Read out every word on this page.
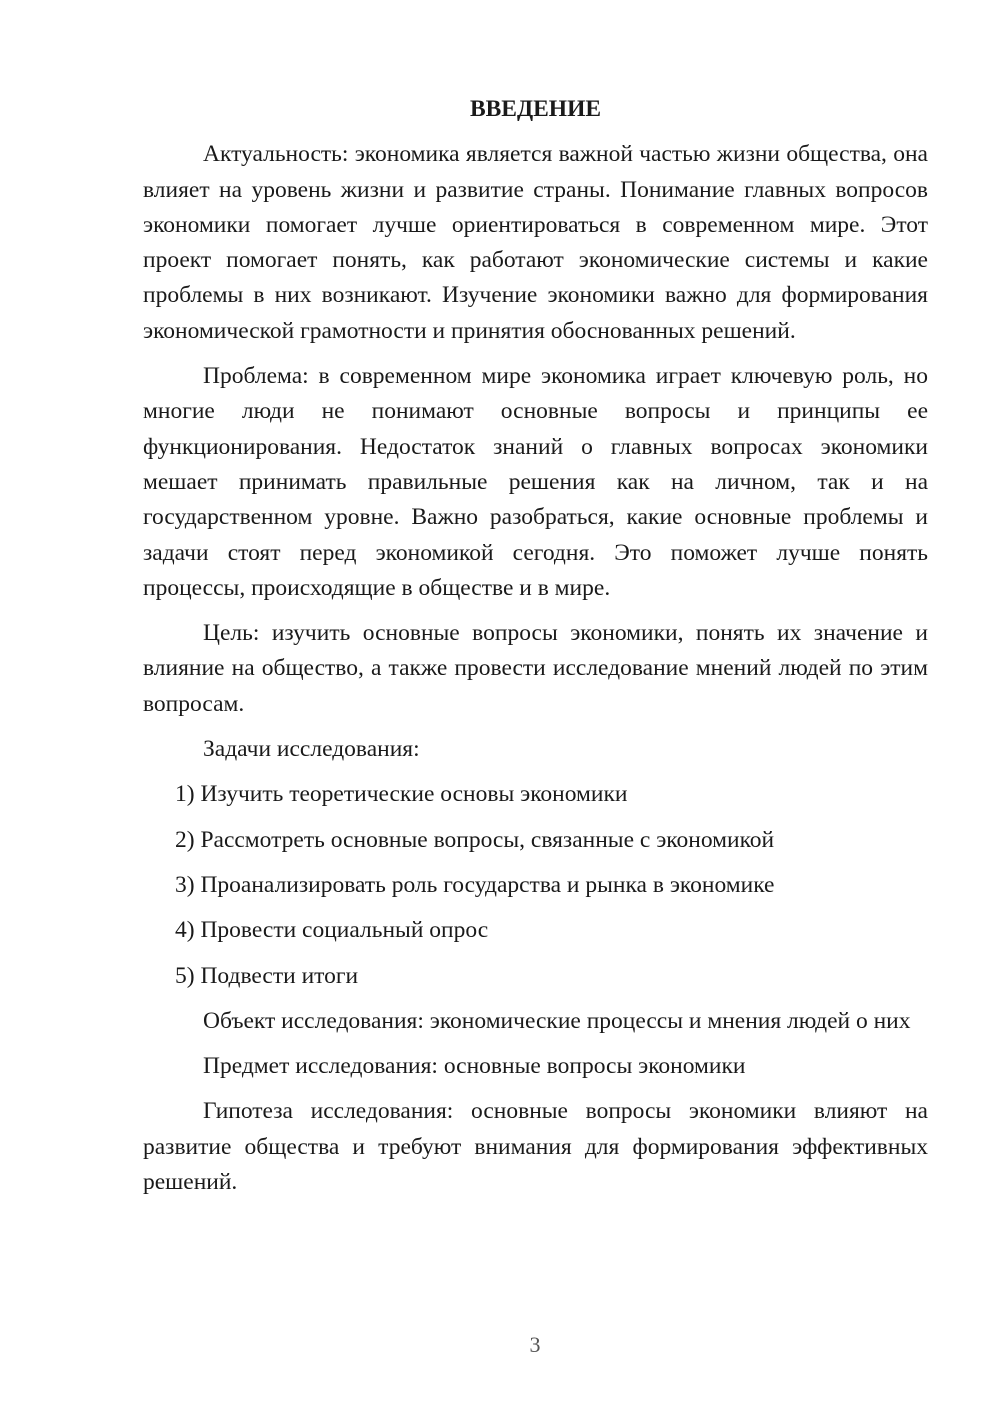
ВВЕДЕНИЕ

Актуальность: экономика является важной частью жизни общества, она влияет на уровень жизни и развитие страны. Понимание главных вопросов экономики помогает лучше ориентироваться в современном мире. Этот проект помогает понять, как работают экономические системы и какие проблемы в них возникают. Изучение экономики важно для формирования экономической грамотности и принятия обоснованных решений.

Проблема: в современном мире экономика играет ключевую роль, но многие люди не понимают основные вопросы и принципы ее функционирования. Недостаток знаний о главных вопросах экономики мешает принимать правильные решения как на личном, так и на государственном уровне. Важно разобраться, какие основные проблемы и задачи стоят перед экономикой сегодня. Это поможет лучше понять процессы, происходящие в обществе и в мире.

Цель: изучить основные вопросы экономики, понять их значение и влияние на общество, а также провести исследование мнений людей по этим вопросам.

Задачи исследования:

1) Изучить теоретические основы экономики
2) Рассмотреть основные вопросы, связанные с экономикой
3) Проанализировать роль государства и рынка в экономике
4) Провести социальный опрос
5) Подвести итоги

Объект исследования: экономические процессы и мнения людей о них

Предмет исследования: основные вопросы экономики

Гипотеза исследования: основные вопросы экономики влияют на развитие общества и требуют внимания для формирования эффективных решений.

3
